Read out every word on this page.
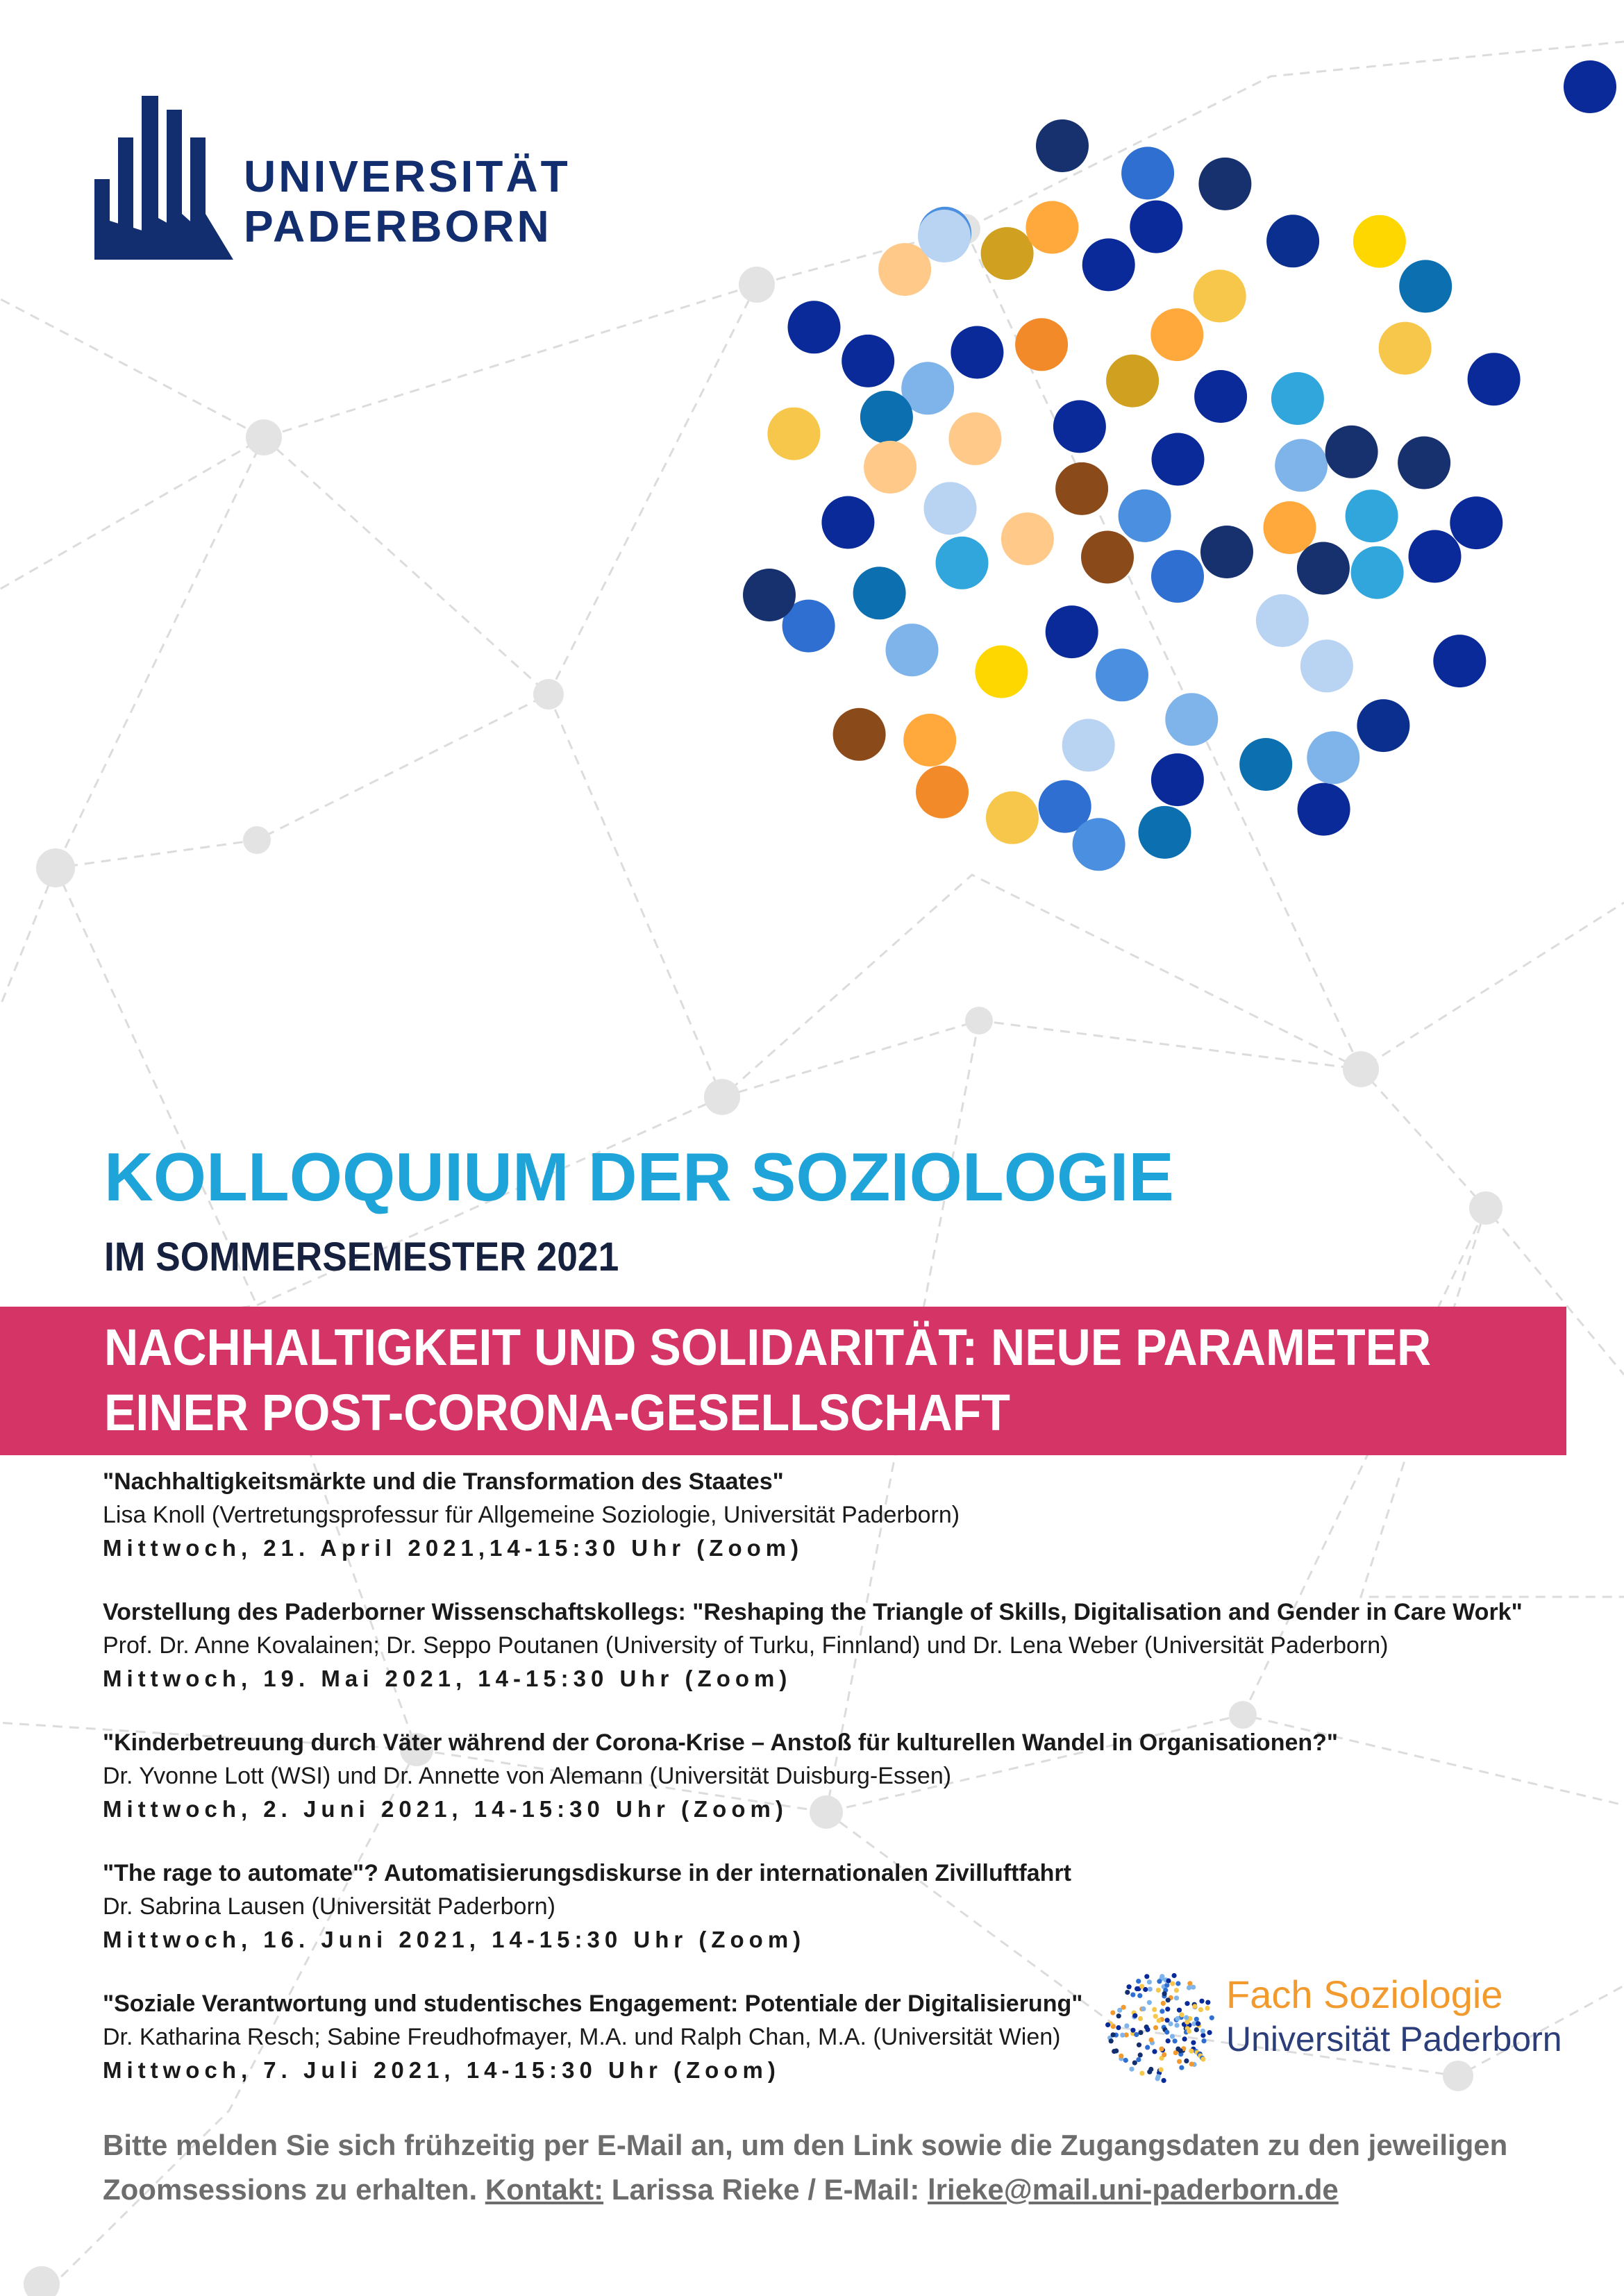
UNIVERSITÄT
PADERBORN
KOLLOQUIUM DER SOZIOLOGIE
IM SOMMERSEMESTER 2021
NACHHALTIGKEIT UND SOLIDARITÄT: NEUE PARAMETER
EINER POST-CORONA-GESELLSCHAFT
"Nachhaltigkeitsmärkte und die Transformation des Staates"
Lisa Knoll (Vertretungsprofessur für Allgemeine Soziologie, Universität Paderborn)
Mittwoch, 21. April 2021,14-15:30 Uhr (Zoom)
Vorstellung des Paderborner Wissenschaftskollegs: "Reshaping the Triangle of Skills, Digitalisation and Gender in Care Work"
Prof. Dr. Anne Kovalainen; Dr. Seppo Poutanen (University of Turku, Finnland) und Dr. Lena Weber (Universität Paderborn)
Mittwoch, 19. Mai 2021, 14-15:30 Uhr (Zoom)
"Kinderbetreuung durch Väter während der Corona-Krise – Anstoß für kulturellen Wandel in Organisationen?"
Dr. Yvonne Lott (WSI) und Dr. Annette von Alemann (Universität Duisburg-Essen)
Mittwoch, 2. Juni 2021, 14-15:30 Uhr (Zoom)
"The rage to automate"? Automatisierungsdiskurse in der internationalen Zivilluftfahrt
Dr. Sabrina Lausen (Universität Paderborn)
Mittwoch, 16. Juni 2021, 14-15:30 Uhr (Zoom)
"Soziale Verantwortung und studentisches Engagement: Potentiale der Digitalisierung"
Dr. Katharina Resch; Sabine Freudhofmayer, M.A. und Ralph Chan, M.A. (Universität Wien)
Mittwoch, 7. Juli 2021, 14-15:30 Uhr (Zoom)
Fach Soziologie
Universität Paderborn
Bitte melden Sie sich frühzeitig per E-Mail an, um den Link sowie die Zugangsdaten zu den jeweiligen
Zoomsessions zu erhalten. Kontakt: Larissa Rieke / E-Mail: lrieke@mail.uni-paderborn.de
